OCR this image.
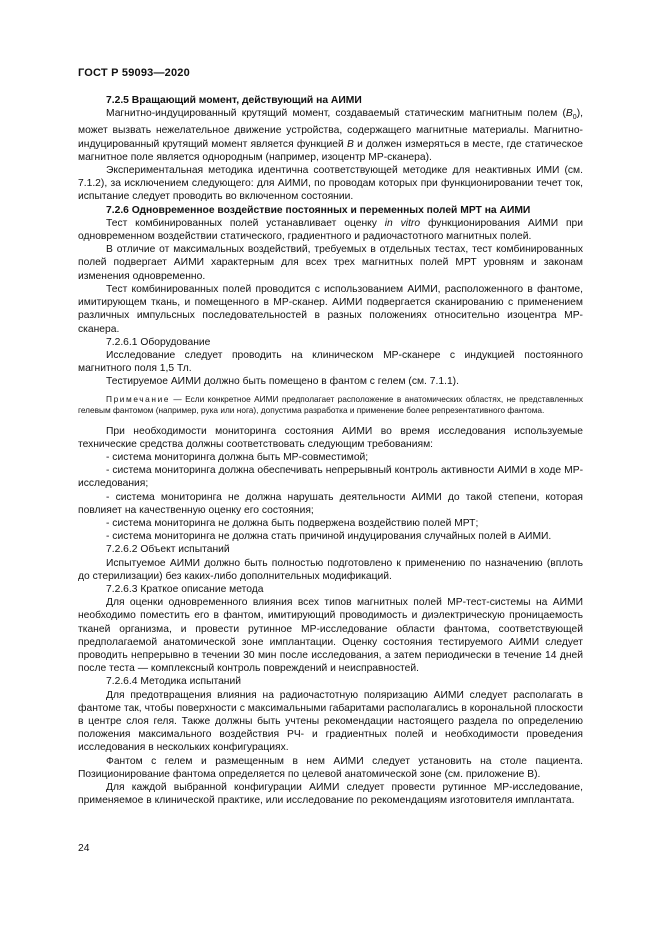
ГОСТ Р 59093—2020
7.2.5 Вращающий момент, действующий на АИМИ

Магнитно-индуцированный крутящий момент, создаваемый статическим магнитным полем $(B_0)$, может вызвать нежелательное движение устройства, содержащего магнитные материалы. Магнитно-индуцированный крутящий момент является функцией B и должен измеряться в месте, где статическое магнитное поле является однородным (например, изоцентр МР-сканера).

Экспериментальная методика идентична соответствующей методике для неактивных ИМИ (см. 7.1.2), за исключением следующего: для АИМИ, по проводам которых при функционировании течет ток, испытание следует проводить во включенном состоянии.

7.2.6 Одновременное воздействие постоянных и переменных полей МРТ на АИМИ

Тест комбинированных полей устанавливает оценку in vitro функционирования АИМИ при одновременном воздействии статического, градиентного и радиочастотного магнитных полей.

В отличие от максимальных воздействий, требуемых в отдельных тестах, тест комбинированных полей подвергает АИМИ характерным для всех трех магнитных полей МРТ уровням и законам изменения одновременно.

Тест комбинированных полей проводится с использованием АИМИ, расположенного в фантоме, имитирующем ткань, и помещенного в МР-сканер. АИМИ подвергается сканированию с применением различных импульсных последовательностей в разных положениях относительно изоцентра МР-сканера.

7.2.6.1 Оборудование

Исследование следует проводить на клиническом МР-сканере с индукцией постоянного магнитного поля 1,5 Тл.

Тестируемое АИМИ должно быть помещено в фантом с гелем (см. 7.1.1).

Примечание — Если конкретное АИМИ предполагает расположение в анатомических областях, не представленных гелевым фантомом (например, рука или нога), допустима разработка и применение более репрезентативного фантома.

При необходимости мониторинга состояния АИМИ во время исследования используемые технические средства должны соответствовать следующим требованиям:

- система мониторинга должна быть МР-совместимой;

- система мониторинга должна обеспечивать непрерывный контроль активности АИМИ в ходе МР-исследования;

- система мониторинга не должна нарушать деятельности АИМИ до такой степени, которая повлияет на качественную оценку его состояния;

- система мониторинга не должна быть подвержена воздействию полей МРТ;

- система мониторинга не должна стать причиной индуцирования случайных полей в АИМИ.

7.2.6.2 Объект испытаний

Испытуемое АИМИ должно быть полностью подготовлено к применению по назначению (вплоть до стерилизации) без каких-либо дополнительных модификаций.

7.2.6.3 Краткое описание метода

Для оценки одновременного влияния всех типов магнитных полей МР-тест-системы на АИМИ необходимо поместить его в фантом, имитирующий проводимость и диэлектрическую проницаемость тканей организма, и провести рутинное МР-исследование области фантома, соответствующей предполагаемой анатомической зоне имплантации. Оценку состояния тестируемого АИМИ следует проводить непрерывно в течении 30 мин после исследования, а затем периодически в течение 14 дней после теста — комплексный контроль повреждений и неисправностей.

7.2.6.4 Методика испытаний

Для предотвращения влияния на радиочастотную поляризацию АИМИ следует располагать в фантоме так, чтобы поверхности с максимальными габаритами располагались в корональной плоскости в центре слоя геля. Также должны быть учтены рекомендации настоящего раздела по определению положения максимального воздействия РЧ- и градиентных полей и необходимости проведения исследования в нескольких конфигурациях.

Фантом с гелем и размещенным в нем АИМИ следует установить на столе пациента. Позиционирование фантома определяется по целевой анатомической зоне (см. приложение В).

Для каждой выбранной конфигурации АИМИ следует провести рутинное МР-исследование, применяемое в клинической практике, или исследование по рекомендациям изготовителя имплантата.

24
